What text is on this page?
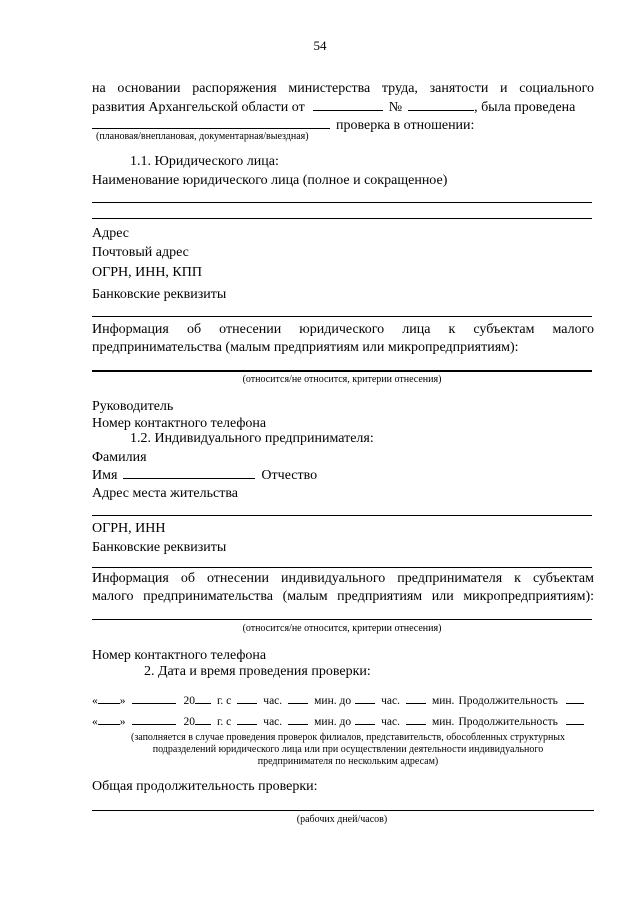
54
на основании распоряжения министерства труда, занятости и социального
развития Архангельской области от	№	, была проведена
проверка в отношении:
(плановая/внеплановая, документарная/выездная)
1.1. Юридического лица:
Наименование юридического лица (полное и сокращенное)
Адрес
Почтовый адрес
ОГРН, ИНН, КПП
Банковские реквизиты
Информация об отнесении юридического лица к субъектам малого
предпринимательства (малым предприятиям или микропредприятиям):
(относится/не относится, критерии отнесения)
Руководитель
Номер контактного телефона
1.2. Индивидуального предпринимателя:
Фамилия
Имя	Отчество
Адрес места жительства
ОГРН, ИНН
Банковские реквизиты
Информация об отнесении индивидуального предпринимателя к субъектам
малого предпринимательства (малым предприятиям или микропредприятиям):
(относится/не относится, критерии отнесения)
Номер контактного телефона
2. Дата и время проведения проверки:
« »	20 г. с	час.	мин. до	час.	мин. Продолжительность
« »	20 г. с	час.	мин. до	час.	мин. Продолжительность
(заполняется в случае проведения проверок филиалов, представительств, обособленных структурных
подразделений юридического лица или при осуществлении деятельности индивидуального
предпринимателя по нескольким адресам)
Общая продолжительность проверки:
(рабочих дней/часов)
